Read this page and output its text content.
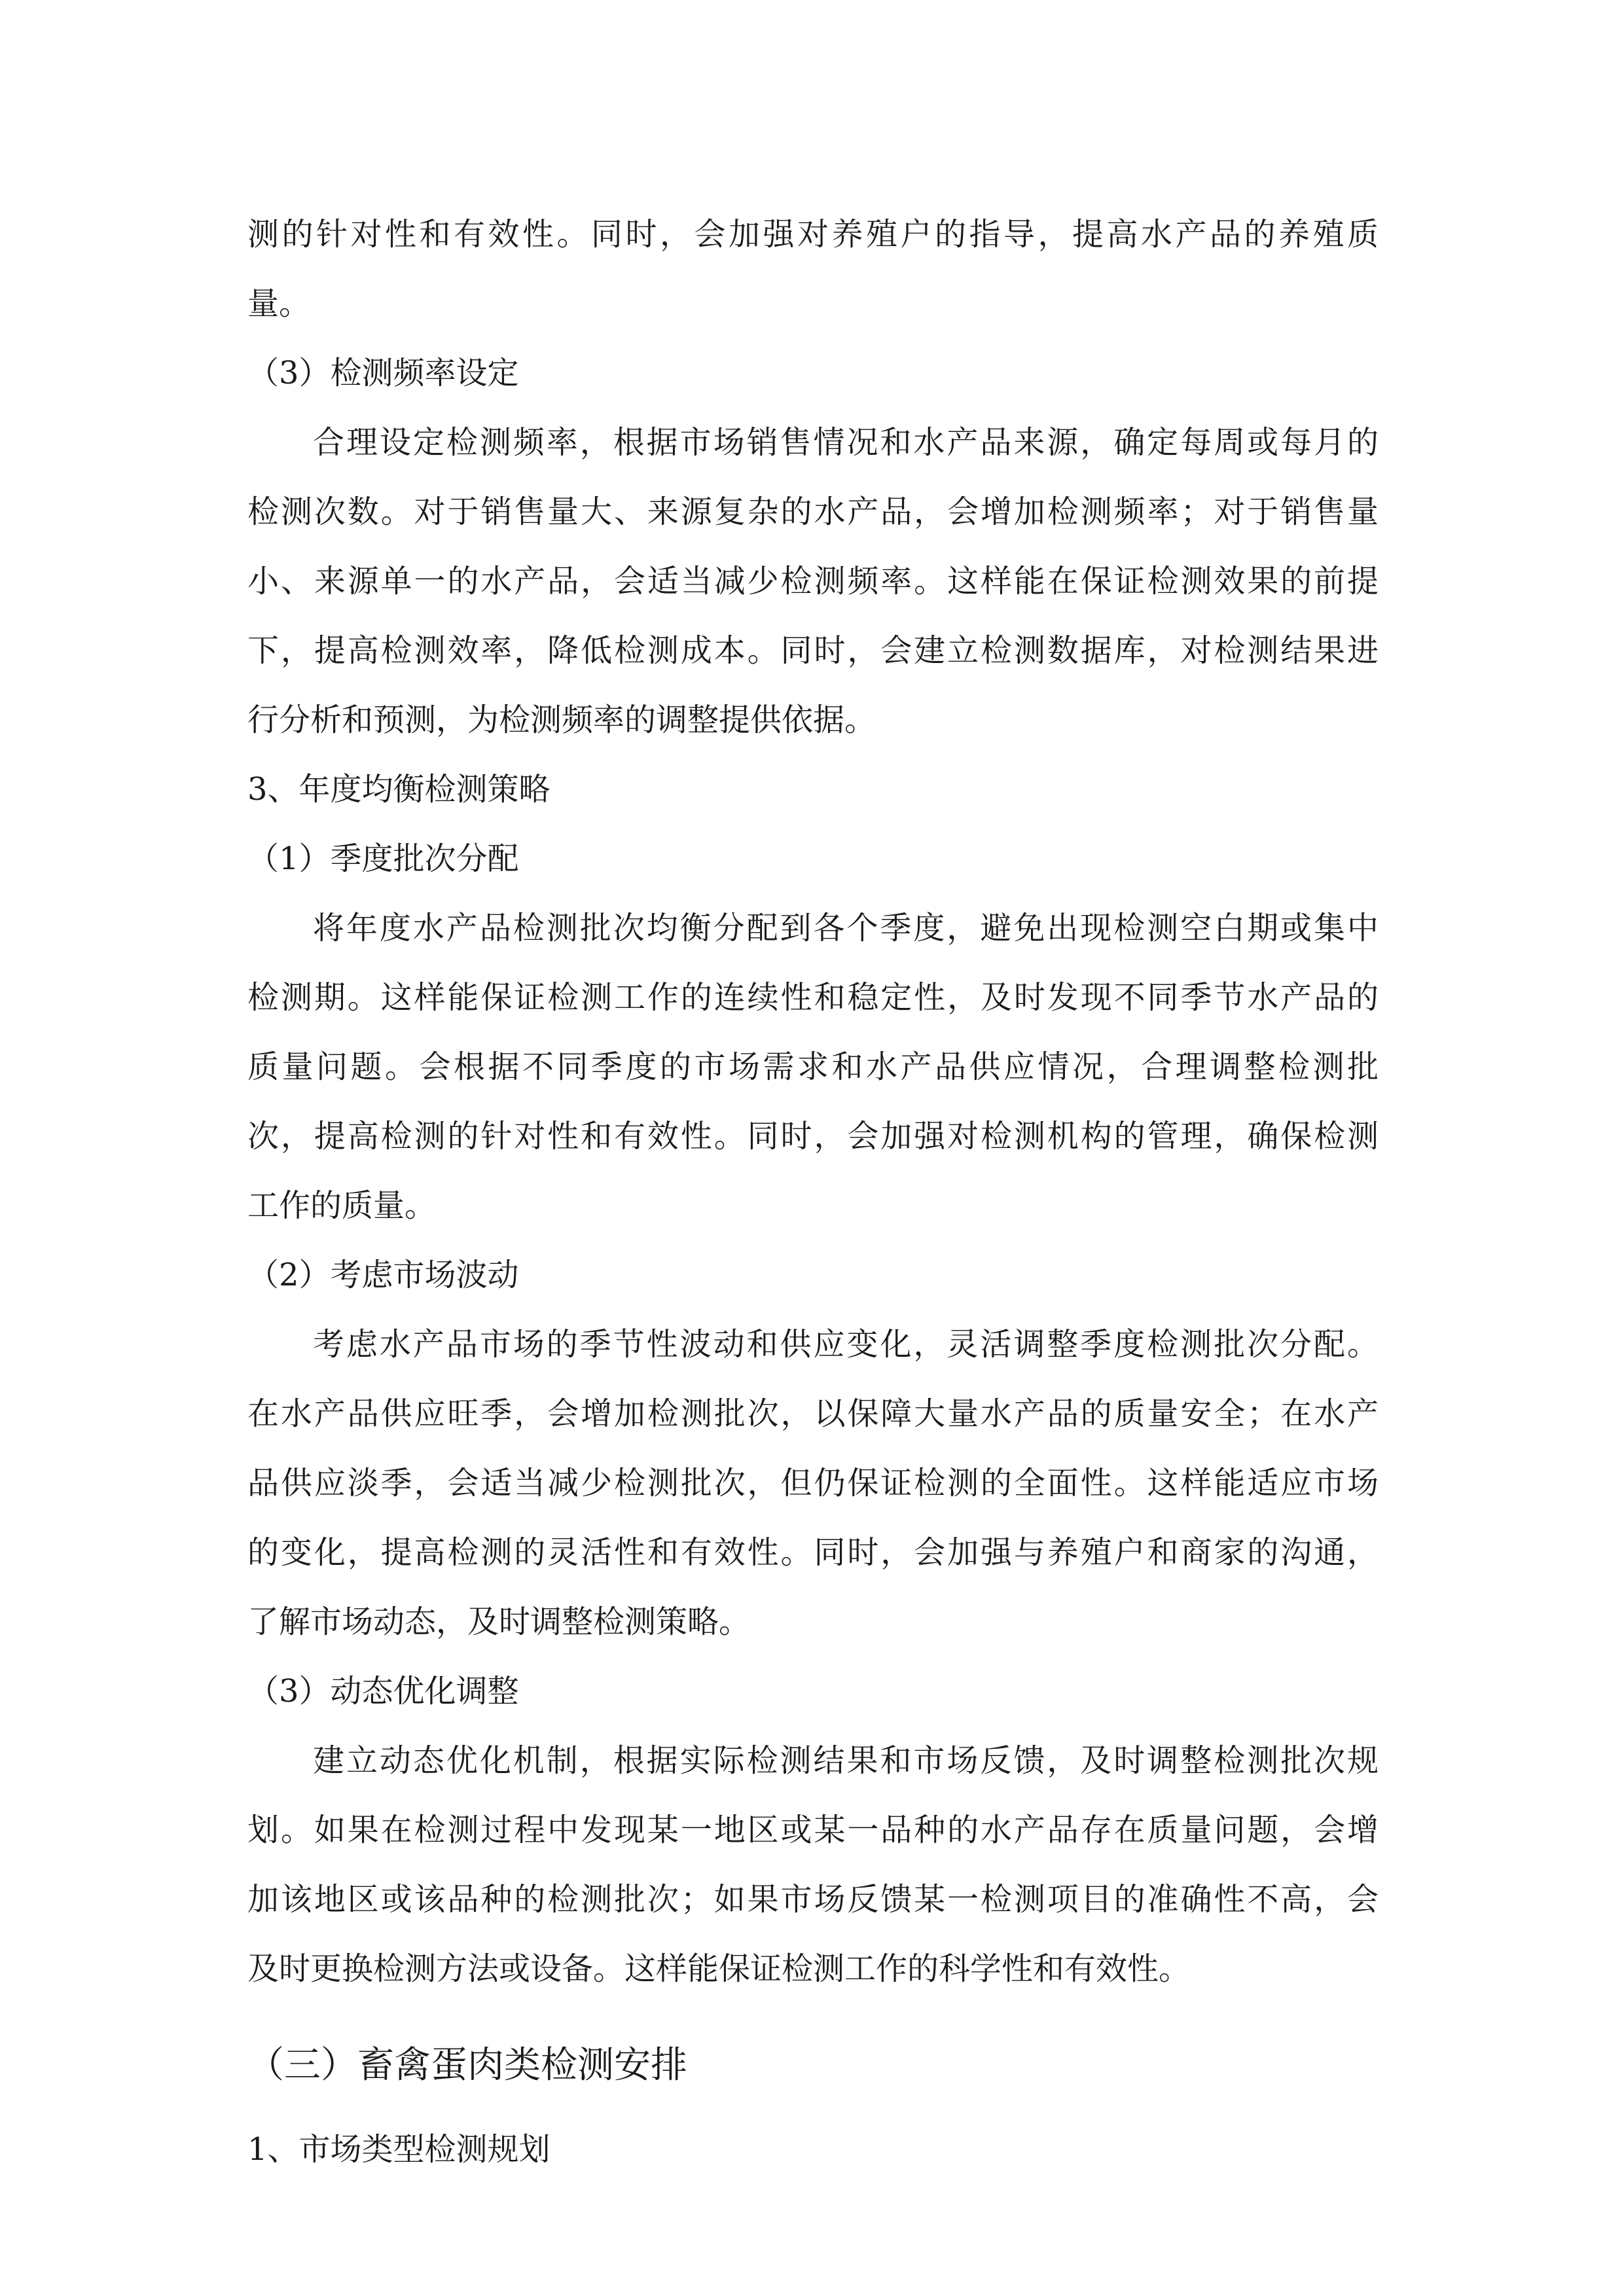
测的针对性和有效性。同时，会加强对养殖户的指导，提高水产品的养殖质

量。

（3）检测频率设定

合理设定检测频率，根据市场销售情况和水产品来源，确定每周或每月的

检测次数。对于销售量大、来源复杂的水产品，会增加检测频率；对于销售量

小、来源单一的水产品，会适当减少检测频率。这样能在保证检测效果的前提

下，提高检测效率，降低检测成本。同时，会建立检测数据库，对检测结果进

行分析和预测，为检测频率的调整提供依据。

3、年度均衡检测策略

（1）季度批次分配

将年度水产品检测批次均衡分配到各个季度，避免出现检测空白期或集中

检测期。这样能保证检测工作的连续性和稳定性，及时发现不同季节水产品的

质量问题。会根据不同季度的市场需求和水产品供应情况，合理调整检测批

次，提高检测的针对性和有效性。同时，会加强对检测机构的管理，确保检测

工作的质量。

（2）考虑市场波动

考虑水产品市场的季节性波动和供应变化，灵活调整季度检测批次分配。

在水产品供应旺季，会增加检测批次，以保障大量水产品的质量安全；在水产

品供应淡季，会适当减少检测批次，但仍保证检测的全面性。这样能适应市场

的变化，提高检测的灵活性和有效性。同时，会加强与养殖户和商家的沟通，

了解市场动态，及时调整检测策略。

（3）动态优化调整

建立动态优化机制，根据实际检测结果和市场反馈，及时调整检测批次规

划。如果在检测过程中发现某一地区或某一品种的水产品存在质量问题，会增

加该地区或该品种的检测批次；如果市场反馈某一检测项目的准确性不高，会

及时更换检测方法或设备。这样能保证检测工作的科学性和有效性。

（三）畜禽蛋肉类检测安排

1、市场类型检测规划
